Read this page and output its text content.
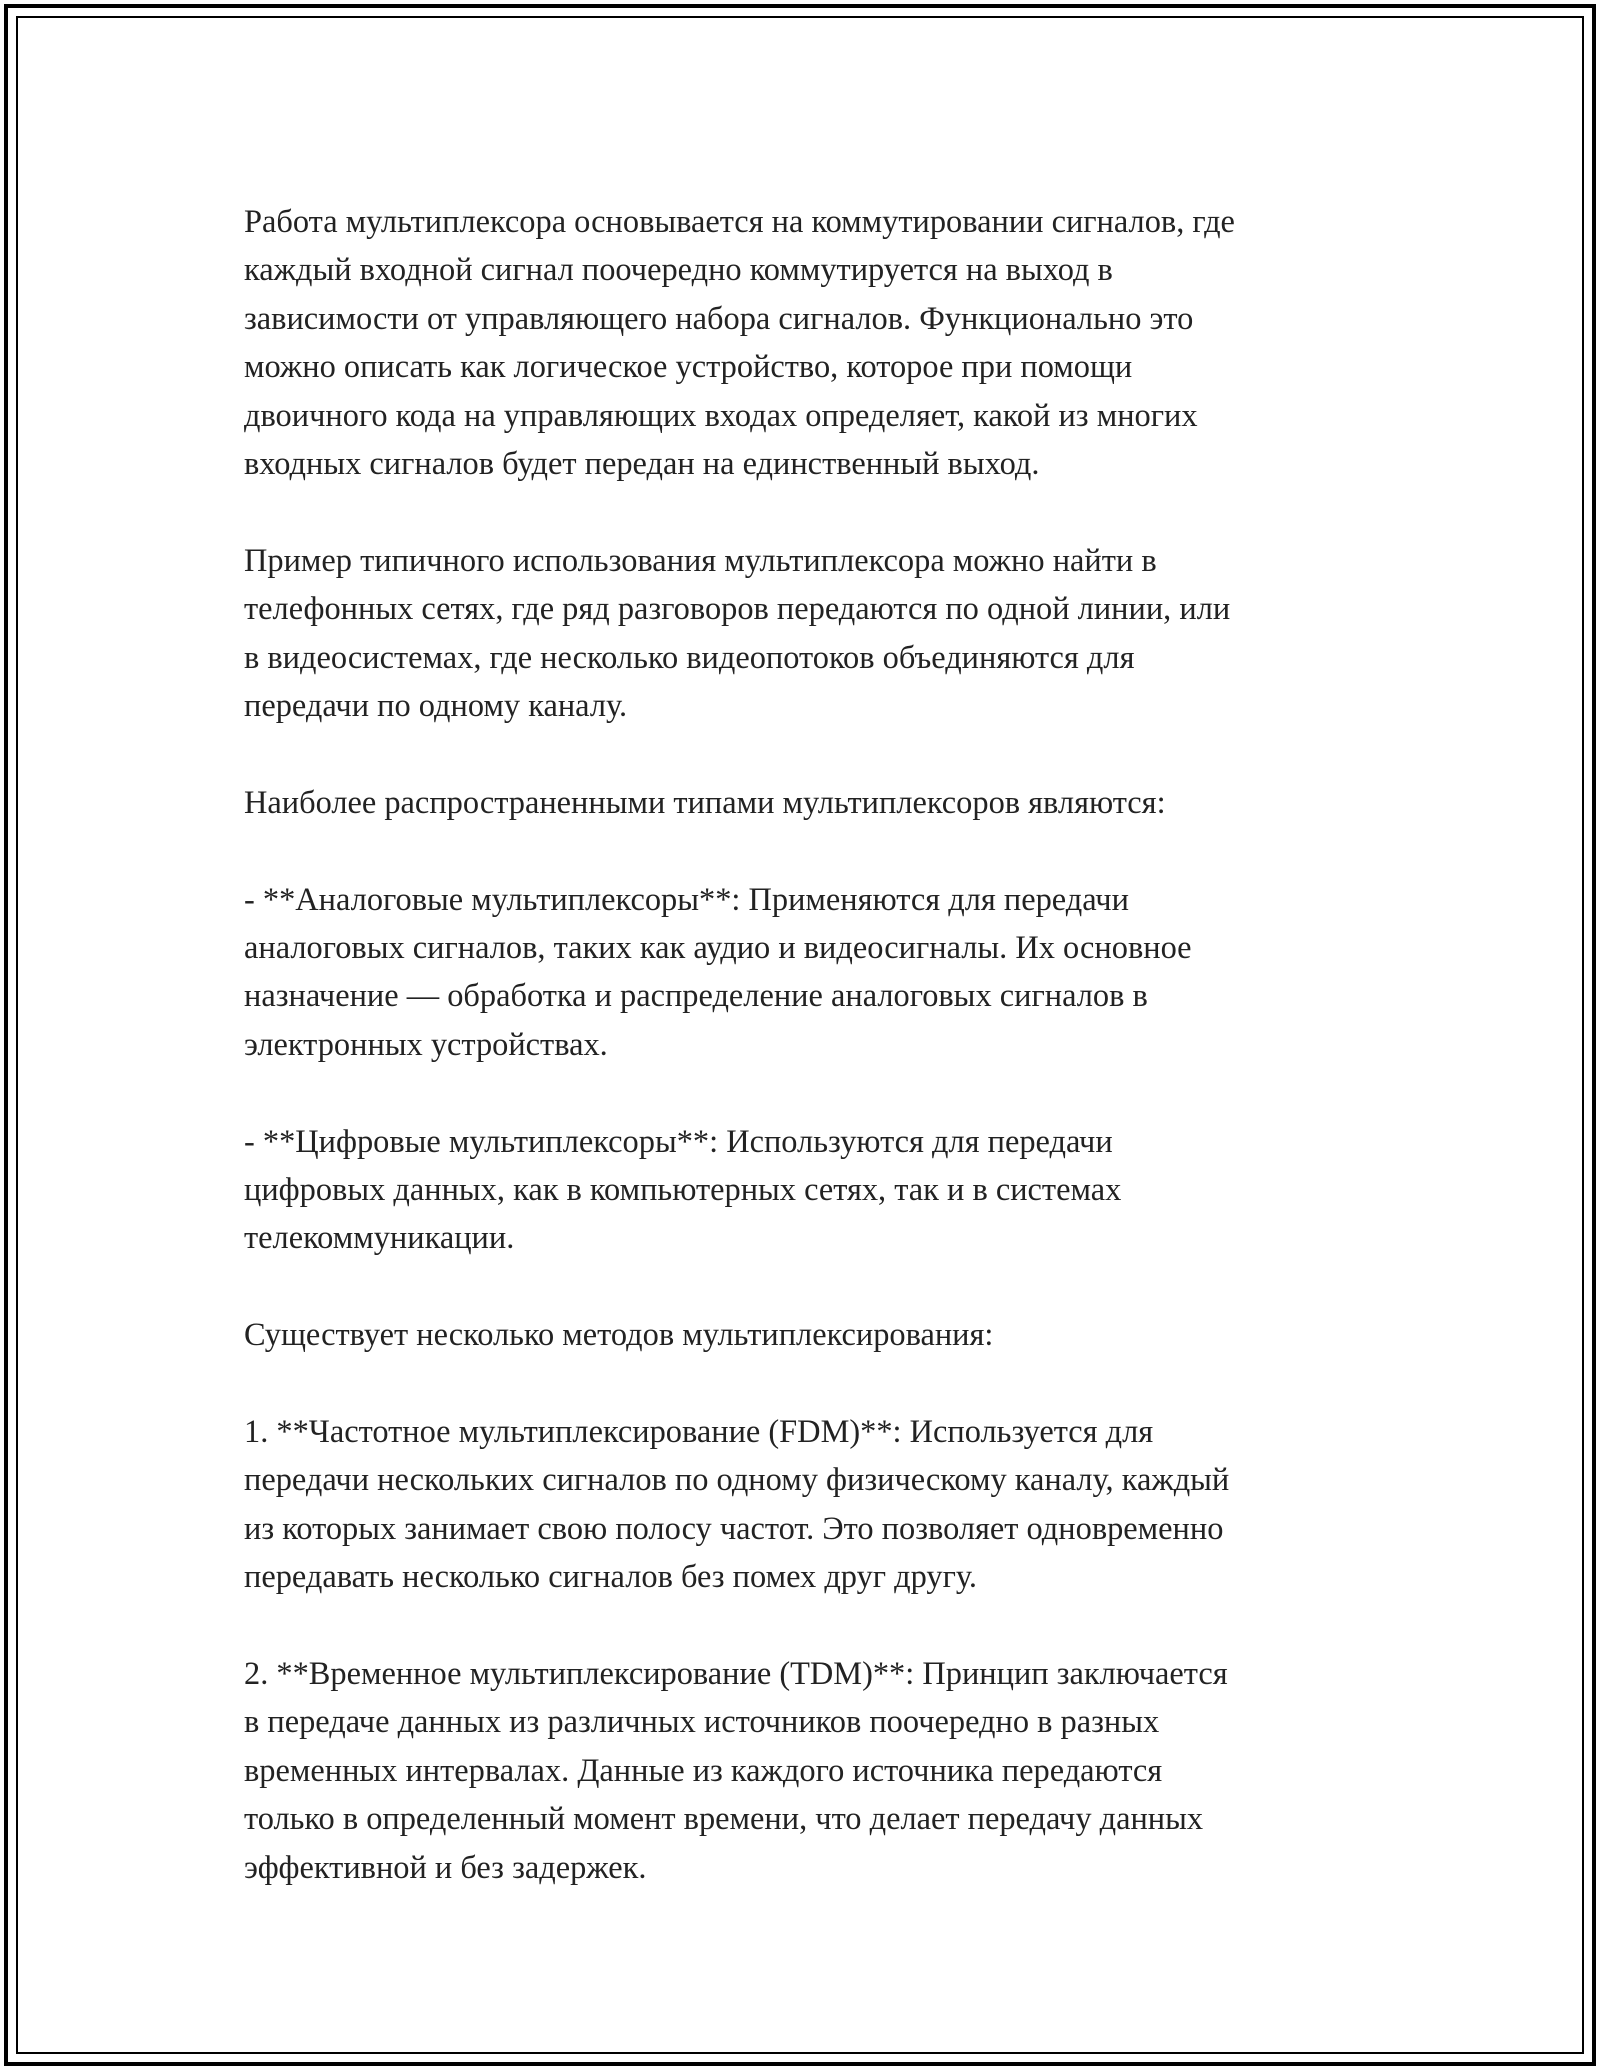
Работа мультиплексора основывается на коммутировании сигналов, где
каждый входной сигнал поочередно коммутируется на выход в
зависимости от управляющего набора сигналов. Функционально это
можно описать как логическое устройство, которое при помощи
двоичного кода на управляющих входах определяет, какой из многих
входных сигналов будет передан на единственный выход.

Пример типичного использования мультиплексора можно найти в
телефонных сетях, где ряд разговоров передаются по одной линии, или
в видеосистемах, где несколько видеопотоков объединяются для
передачи по одному каналу.

Наиболее распространенными типами мультиплексоров являются:

- **Аналоговые мультиплексоры**: Применяются для передачи
аналоговых сигналов, таких как аудио и видеосигналы. Их основное
назначение — обработка и распределение аналоговых сигналов в
электронных устройствах.

- **Цифровые мультиплексоры**: Используются для передачи
цифровых данных, как в компьютерных сетях, так и в системах
телекоммуникации.

Существует несколько методов мультиплексирования:

1. **Частотное мультиплексирование (FDM)**: Используется для
передачи нескольких сигналов по одному физическому каналу, каждый
из которых занимает свою полосу частот. Это позволяет одновременно
передавать несколько сигналов без помех друг другу.

2. **Временное мультиплексирование (TDM)**: Принцип заключается
в передаче данных из различных источников поочередно в разных
временных интервалах. Данные из каждого источника передаются
только в определенный момент времени, что делает передачу данных
эффективной и без задержек.
